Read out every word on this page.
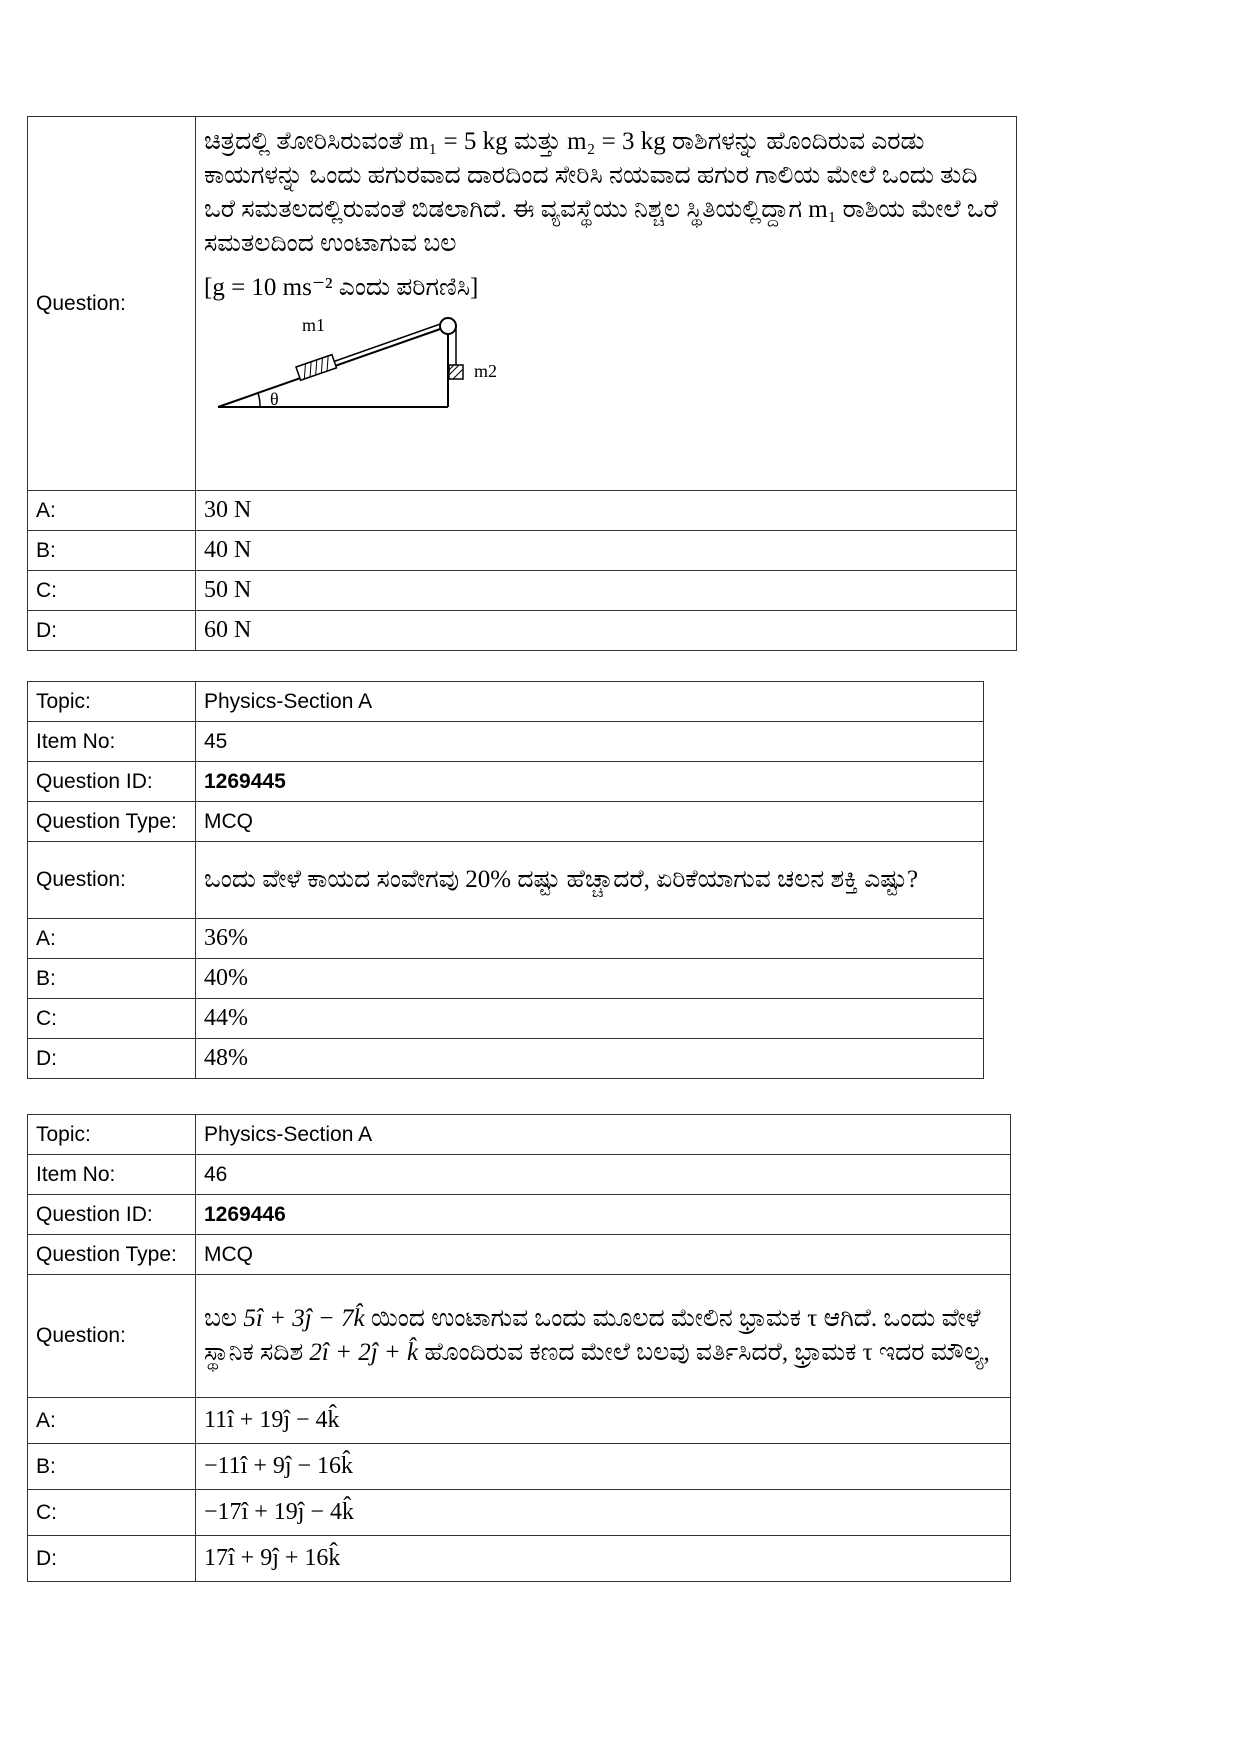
Question:	ಚಿತ್ರದಲ್ಲಿ ತೋರಿಸಿರುವಂತೆ m₁ = 5 kg ಮತ್ತು m₂ = 3 kg ರಾಶಿಗಳನ್ನು ಹೊಂದಿರುವ ಎರಡು ಕಾಯಗಳನ್ನು ಒಂದು ಹಗುರವಾದ ದಾರದಿಂದ ಸೇರಿಸಿ ನಯವಾದ ಹಗುರ ಗಾಲಿಯ ಮೇಲೆ ಒಂದು ತುದಿ ಒರೆ ಸಮತಲದಲ್ಲಿರುವಂತೆ ಬಿಡಲಾಗಿದೆ. ಈ ವ್ಯವಸ್ಥೆಯು ನಿಶ್ಚಲ ಸ್ಥಿತಿಯಲ್ಲಿದ್ದಾಗ m₁ ರಾಶಿಯ ಮೇಲೆ ಒರೆ ಸಮತಲದಿಂದ ಉಂಟಾಗುವ ಬಲ

[g = 10 ms⁻² ಎಂದು ಪರಿಗಣಿಸಿ]

θ
m1
m2

A:	30 N
B:	40 N
C:	50 N
D:	60 N
Topic:	Physics-Section A
Item No:	45
Question ID:	1269445
Question Type:	MCQ
Question:	ಒಂದು ವೇಳೆ ಕಾಯದ ಸಂವೇಗವು 20% ದಷ್ಟು ಹೆಚ್ಚಾದರೆ, ಏರಿಕೆಯಾಗುವ ಚಲನ ಶಕ್ತಿ ಎಷ್ಟು?
A:	36%
B:	40%
C:	44%
D:	48%
Topic:	Physics-Section A
Item No:	46
Question ID:	1269446
Question Type:	MCQ
Question:	ಬಲ 5î + 3ĵ − 7k̂ ಯಿಂದ ಉಂಟಾಗುವ ಒಂದು ಮೂಲದ ಮೇಲಿನ ಭ್ರಾಮಕ τ ಆಗಿದೆ. ಒಂದು ವೇಳೆ ಸ್ಥಾನಿಕ ಸದಿಶ 2î + 2ĵ + k̂ ಹೊಂದಿರುವ ಕಣದ ಮೇಲೆ ಬಲವು ವರ್ತಿಸಿದರೆ, ಭ್ರಾಮಕ τ ಇದರ ಮೌಲ್ಯ,
A:	11î + 19ĵ − 4k̂
B:	−11î + 9ĵ − 16k̂
C:	−17î + 19ĵ − 4k̂
D:	17î + 9ĵ + 16k̂
